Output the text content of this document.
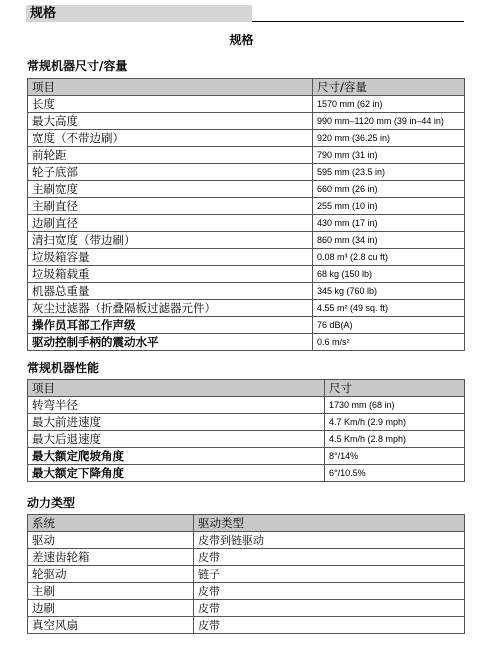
规格
规格
常规机器尺寸/容量
项目	尺寸/容量
长度	1570 mm (62 in)
最大高度	990 mm–1120 mm (39 in–44 in)
宽度（不带边刷）	920 mm (36.25 in)
前轮距	790 mm (31 in)
轮子底部	595 mm (23.5 in)
主刷宽度	660 mm (26 in)
主刷直径	255 mm (10 in)
边刷直径	430 mm (17 in)
清扫宽度（带边刷）	860 mm (34 in)
垃圾箱容量	0.08 m³ (2.8 cu ft)
垃圾箱载重	68 kg (150 lb)
机器总重量	345 kg (760 lb)
灰尘过滤器（折叠隔板过滤器元件）	4.55 m² (49 sq. ft)
操作员耳部工作声级	76 dB(A)
驱动控制手柄的震动水平	0.6 m/s²
常规机器性能
项目	尺寸
转弯半径	1730 mm (68 in)
最大前进速度	4.7 Km/h (2.9 mph)
最大后退速度	4.5 Km/h (2.8 mph)
最大额定爬坡角度	8°/14%
最大额定下降角度	6°/10.5%
动力类型
系统	驱动类型
驱动	皮带到链驱动
差速齿轮箱	皮带
轮驱动	链子
主刷	皮带
边刷	皮带
真空风扇	皮带
